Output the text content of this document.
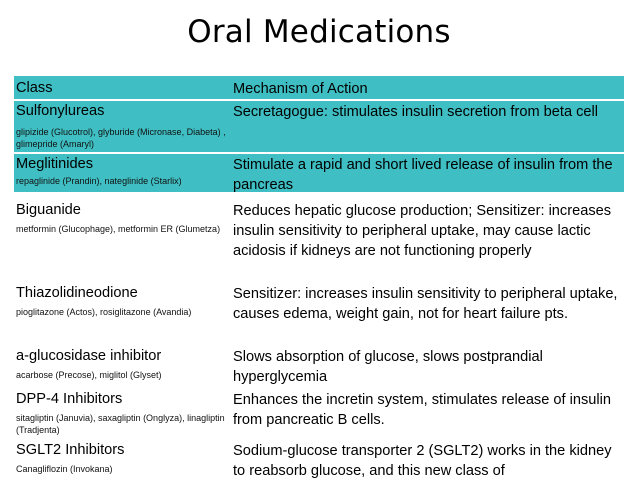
Oral Medications
Class	Mechanism of Action
Sulfonylureas
glipizide (Glucotrol), glyburide (Micronase, Diabeta) , glimepride (Amaryl)
Secretagogue: stimulates insulin secretion from beta cell
Meglitinides
repaglinide (Prandin), nateglinide (Starlix)
Stimulate a rapid and short lived release of insulin from the pancreas
Biguanide
metformin (Glucophage), metformin ER (Glumetza)
Reduces hepatic glucose production; Sensitizer: increases insulin sensitivity to peripheral uptake, may cause lactic acidosis if kidneys are not functioning properly
Thiazolidineodione
pioglitazone (Actos), rosiglitazone (Avandia)
Sensitizer: increases insulin sensitivity to peripheral uptake, causes edema, weight gain, not for heart failure pts.
a-glucosidase inhibitor
acarbose (Precose), miglitol (Glyset)
Slows absorption of glucose, slows postprandial hyperglycemia
DPP-4 Inhibitors
sitagliptin (Januvia), saxagliptin (Onglyza), linagliptin (Tradjenta)
Enhances the incretin system, stimulates release of insulin from pancreatic B cells.
SGLT2 Inhibitors
Canagliflozin (Invokana)
Sodium-glucose transporter 2 (SGLT2) works in the kidney to reabsorb glucose, and this new class of
